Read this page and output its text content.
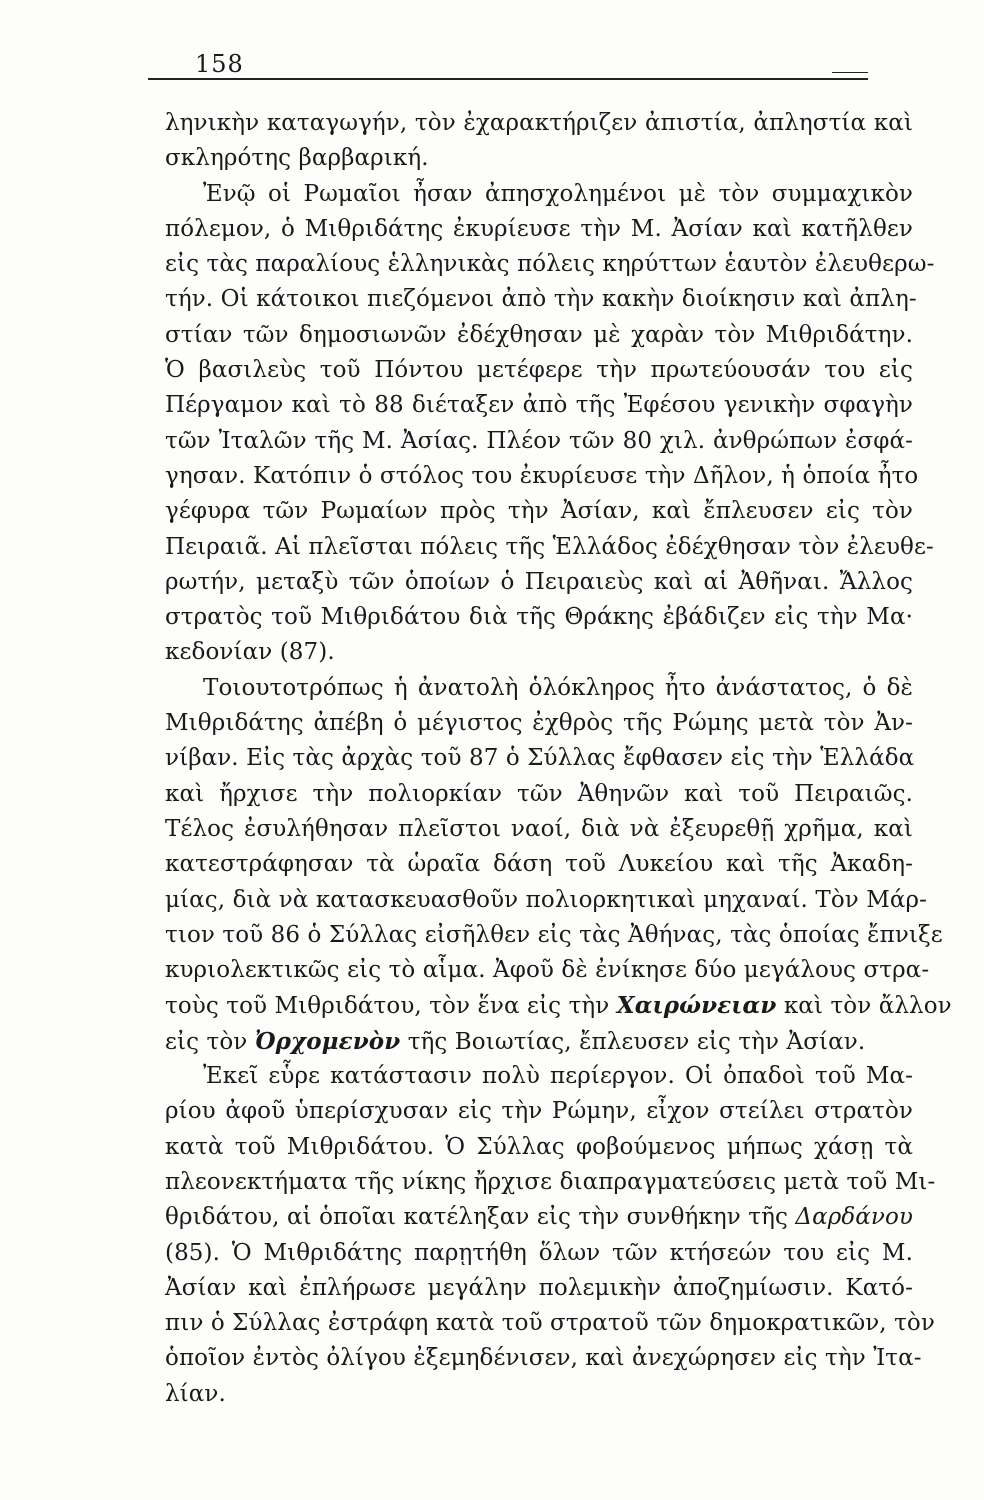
158
ληνικὴν καταγωγήν, τὸν ἐχαρακτήριζεν ἀπιστία, ἀπληστία καὶ
σκληρότης βαρβαρική.
Ἐνῷ οἱ Ρωμαῖοι ἦσαν ἀπησχολημένοι μὲ τὸν συμμαχικὸν
πόλεμον, ὁ Μιθριδάτης ἐκυρίευσε τὴν Μ. Ἀσίαν καὶ κατῆλθεν
εἰς τὰς παραλίους ἑλληνικὰς πόλεις κηρύττων ἑαυτὸν ἐλευθερω-
τήν. Οἱ κάτοικοι πιεζόμενοι ἀπὸ τὴν κακὴν διοίκησιν καὶ ἀπλη-
στίαν τῶν δημοσιωνῶν ἐδέχθησαν μὲ χαρὰν τὸν Μιθριδάτην.
Ὁ βασιλεὺς τοῦ Πόντου μετέφερε τὴν πρωτεύουσάν του εἰς
Πέργαμον καὶ τὸ 88 διέταξεν ἀπὸ τῆς Ἐφέσου γενικὴν σφαγὴν
τῶν Ἰταλῶν τῆς Μ. Ἀσίας. Πλέον τῶν 80 χιλ. ἀνθρώπων ἐσφά-
γησαν. Κατόπιν ὁ στόλος του ἐκυρίευσε τὴν Δῆλον, ἡ ὁποία ἦτο
γέφυρα τῶν Ρωμαίων πρὸς τὴν Ἀσίαν, καὶ ἔπλευσεν εἰς τὸν
Πειραιᾶ. Αἱ πλεῖσται πόλεις τῆς Ἑλλάδος ἐδέχθησαν τὸν ἐλευθε-
ρωτήν, μεταξὺ τῶν ὁποίων ὁ Πειραιεὺς καὶ αἱ Ἀθῆναι. Ἄλλος
στρατὸς τοῦ Μιθριδάτου διὰ τῆς Θράκης ἐβάδιζεν εἰς τὴν Μα·
κεδονίαν (87).
Τοιουτοτρόπως ἡ ἀνατολὴ ὁλόκληρος ἦτο ἀνάστατος, ὁ δὲ
Μιθριδάτης ἀπέβη ὁ μέγιστος ἐχθρὸς τῆς Ρώμης μετὰ τὸν Ἀν-
νίβαν. Εἰς τὰς ἀρχὰς τοῦ 87 ὁ Σύλλας ἔφθασεν εἰς τὴν Ἑλλάδα
καὶ ἤρχισε τὴν πολιορκίαν τῶν Ἀθηνῶν καὶ τοῦ Πειραιῶς.
Τέλος ἐσυλήθησαν πλεῖστοι ναοί, διὰ νὰ ἐξευρεθῇ χρῆμα, καὶ
κατεστράφησαν τὰ ὡραῖα δάση τοῦ Λυκείου καὶ τῆς Ἀκαδη-
μίας, διὰ νὰ κατασκευασθοῦν πολιορκητικαὶ μηχαναί. Τὸν Μάρ-
τιον τοῦ 86 ὁ Σύλλας εἰσῆλθεν εἰς τὰς Ἀθήνας, τὰς ὁποίας ἔπνιξε
κυριολεκτικῶς εἰς τὸ αἷμα. Ἀφοῦ δὲ ἐνίκησε δύο μεγάλους στρα-
τοὺς τοῦ Μιθριδάτου, τὸν ἕνα εἰς τὴν Χαιρώνειαν καὶ τὸν ἄλλον
εἰς τὸν Ὀρχομενὸν τῆς Βοιωτίας, ἔπλευσεν εἰς τὴν Ἀσίαν.
Ἐκεῖ εὗρε κατάστασιν πολὺ περίεργον. Οἱ ὀπαδοὶ τοῦ Μα-
ρίου ἀφοῦ ὑπερίσχυσαν εἰς τὴν Ρώμην, εἶχον στείλει στρατὸν
κατὰ τοῦ Μιθριδάτου. Ὁ Σύλλας φοβούμενος μήπως χάσῃ τὰ
πλεονεκτήματα τῆς νίκης ἤρχισε διαπραγματεύσεις μετὰ τοῦ Μι-
θριδάτου, αἱ ὁποῖαι κατέληξαν εἰς τὴν συνθήκην τῆς Δαρδάνου
(85). Ὁ Μιθριδάτης παρῃτήθη ὅλων τῶν κτήσεών του εἰς Μ.
Ἀσίαν καὶ ἐπλήρωσε μεγάλην πολεμικὴν ἀποζημίωσιν. Κατό-
πιν ὁ Σύλλας ἐστράφη κατὰ τοῦ στρατοῦ τῶν δημοκρατικῶν, τὸν
ὁποῖον ἐντὸς ὀλίγου ἐξεμηδένισεν, καὶ ἀνεχώρησεν εἰς τὴν Ἰτα-
λίαν.
